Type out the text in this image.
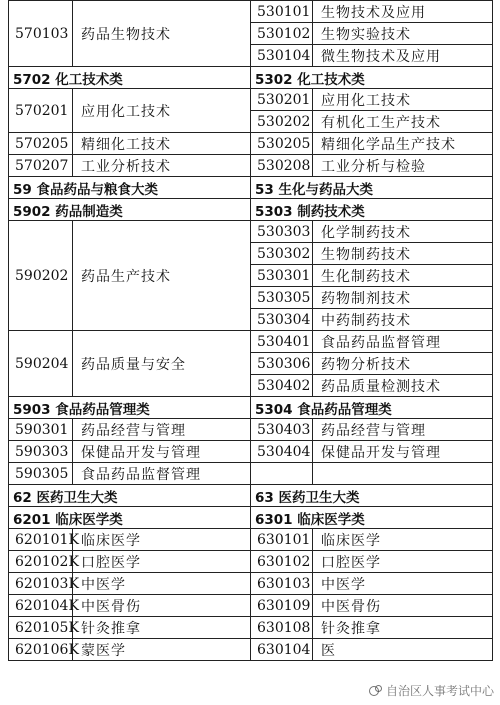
570103	药品生物技术	530101	生物技术及应用
		530102	生物实验技术
		530104	微生物技术及应用
5702 化工技术类		5302 化工技术类	
570201	应用化工技术	530201	应用化工技术
		530202	有机化工生产技术
570205	精细化工技术	530205	精细化学品生产技术
570207	工业分析技术	530208	工业分析与检验
59 食品药品与粮食大类		53 生化与药品大类	
5902 药品制造类		5303 制药技术类	
590202	药品生产技术	530303	化学制药技术
		530302	生物制药技术
		530301	生化制药技术
		530305	药物制剂技术
		530304	中药制药技术
590204	药品质量与安全	530401	食品药品监督管理
		530306	药物分析技术
		530402	药品质量检测技术
5903 食品药品管理类		5304 食品药品管理类	
590301	药品经营与管理	530403	药品经营与管理
590303	保健品开发与管理	530404	保健品开发与管理
590305	食品药品监督管理		
62 医药卫生大类		63 医药卫生大类	
6201 临床医学类		6301 临床医学类	
620101K	临床医学	630101	临床医学
620102K	口腔医学	630102	口腔医学
620103K	中医学	630103	中医学
620104K	中医骨伤	630109	中医骨伤
620105K	针灸推拿	630108	针灸推拿
620106K	蒙医学	630104	医
自治区人事考试中心
